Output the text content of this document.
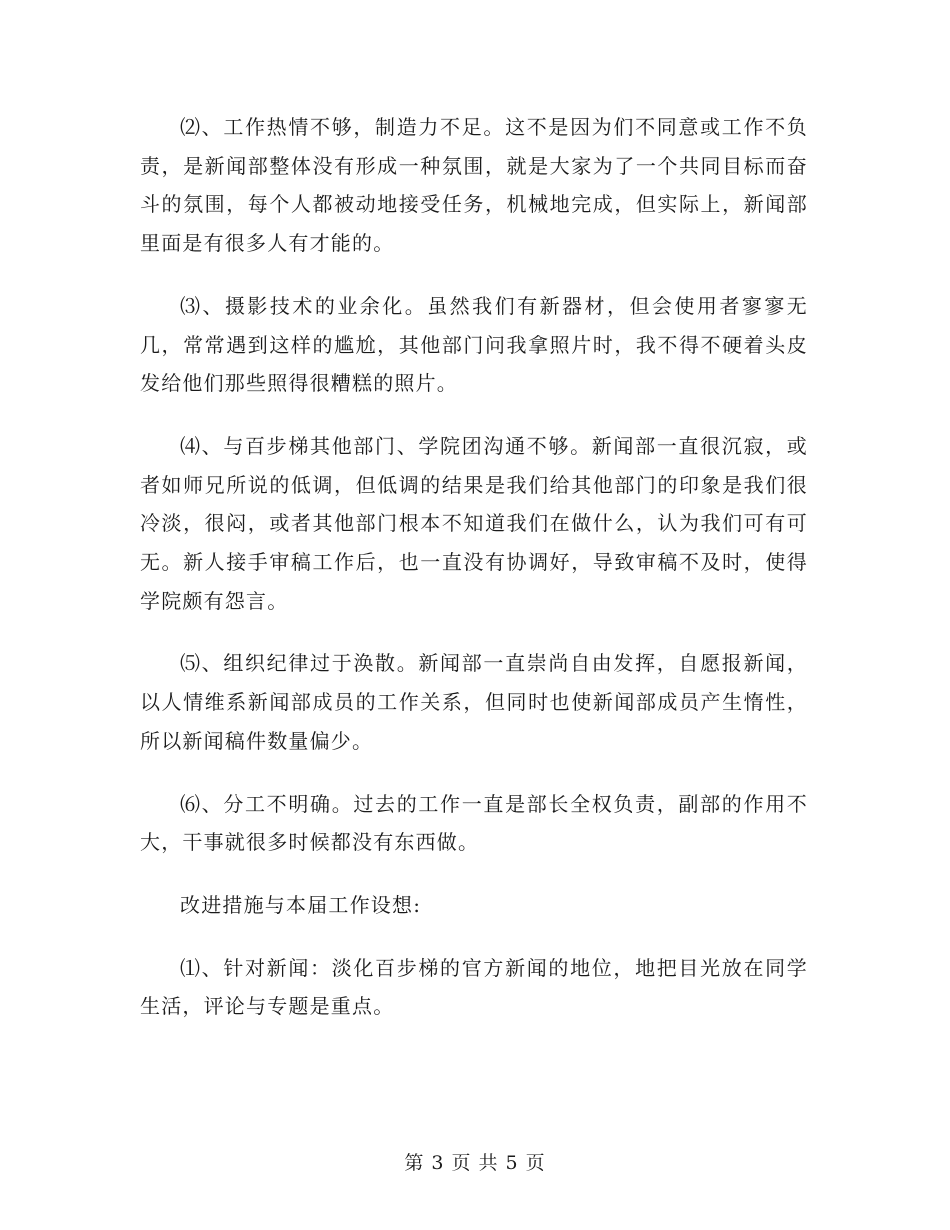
⑵、工作热情不够，制造力不足。这不是因为们不同意或工作不负责，是新闻部整体没有形成一种氛围，就是大家为了一个共同目标而奋斗的氛围，每个人都被动地接受任务，机械地完成，但实际上，新闻部里面是有很多人有才能的。

⑶、摄影技术的业余化。虽然我们有新器材，但会使用者寥寥无几，常常遇到这样的尴尬，其他部门问我拿照片时，我不得不硬着头皮发给他们那些照得很糟糕的照片。

⑷、与百步梯其他部门、学院团沟通不够。新闻部一直很沉寂，或者如师兄所说的低调，但低调的结果是我们给其他部门的印象是我们很冷淡，很闷，或者其他部门根本不知道我们在做什么，认为我们可有可无。新人接手审稿工作后，也一直没有协调好，导致审稿不及时，使得学院颇有怨言。

⑸、组织纪律过于涣散。新闻部一直崇尚自由发挥，自愿报新闻，以人情维系新闻部成员的工作关系，但同时也使新闻部成员产生惰性，所以新闻稿件数量偏少。

⑹、分工不明确。过去的工作一直是部长全权负责，副部的作用不大，干事就很多时候都没有东西做。

改进措施与本届工作设想:

⑴、针对新闻：淡化百步梯的官方新闻的地位，地把目光放在同学生活，评论与专题是重点。

第 3 页 共 5 页
